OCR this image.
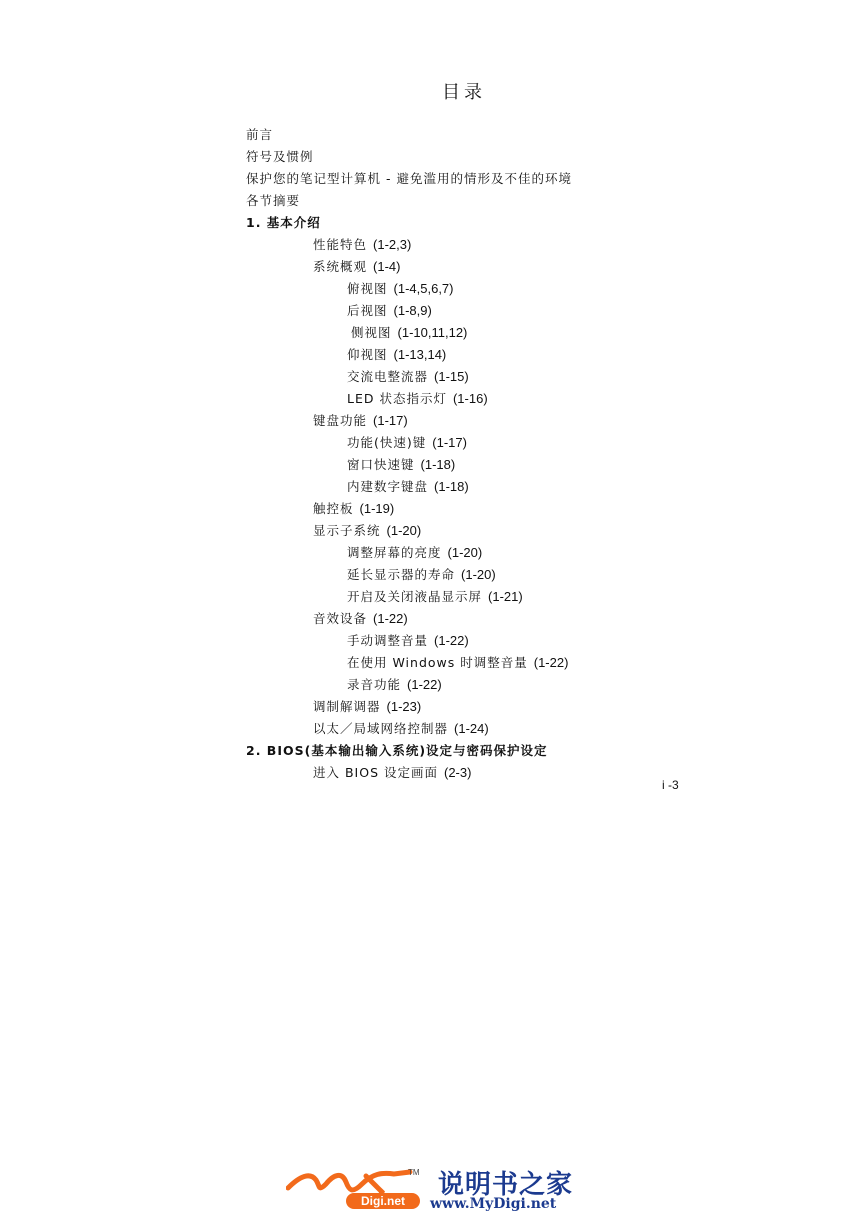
目录
前言
符号及惯例
保护您的笔记型计算机 - 避免滥用的情形及不佳的环境
各节摘要
1. 基本介绍
性能特色 (1-2,3)
系统概观 (1-4)
俯视图 (1-4,5,6,7)
后视图 (1-8,9)
侧视图 (1-10,11,12)
仰视图 (1-13,14)
交流电整流器 (1-15)
LED 状态指示灯 (1-16)
键盘功能 (1-17)
功能(快速)键 (1-17)
窗口快速键 (1-18)
内建数字键盘 (1-18)
触控板 (1-19)
显示子系统 (1-20)
调整屏幕的亮度 (1-20)
延长显示器的寿命 (1-20)
开启及关闭液晶显示屏 (1-21)
音效设备 (1-22)
手动调整音量 (1-22)
在使用 Windows 时调整音量 (1-22)
录音功能 (1-22)
调制解调器 (1-23)
以太／局域网络控制器 (1-24)
2. BIOS(基本输出输入系统)设定与密码保护设定
进入 BIOS 设定画面 (2-3)
i -3
TM
Digi.net
说明书之家
www.MyDigi.net
